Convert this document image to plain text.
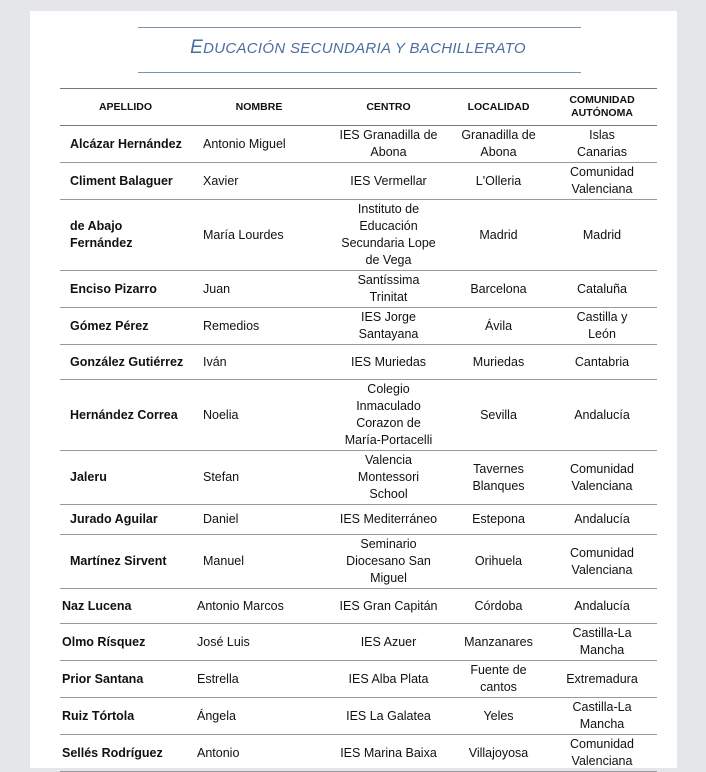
EDUCACIÓN SECUNDARIA Y BACHILLERATO
APELLIDO	NOMBRE	CENTRO	LOCALIDAD	COMUNIDAD AUTÓNOMA
Alcázar Hernández	Antonio Miguel	IES Granadilla de Abona	Granadilla de Abona	Islas Canarias
Climent Balaguer	Xavier	IES Vermellar	L'Olleria	Comunidad Valenciana
de Abajo Fernández	María Lourdes	Instituto de Educación Secundaria Lope de Vega	Madrid	Madrid
Enciso Pizarro	Juan	Santíssima Trinitat	Barcelona	Cataluña
Gómez Pérez	Remedios	IES Jorge Santayana	Ávila	Castilla y León
González Gutiérrez	Iván	IES Muriedas	Muriedas	Cantabria
Hernández Correa	Noelia	Colegio Inmaculado Corazon de María-Portacelli	Sevilla	Andalucía
Jaleru	Stefan	Valencia Montessori School	Tavernes Blanques	Comunidad Valenciana
Jurado Aguilar	Daniel	IES Mediterráneo	Estepona	Andalucía
Martínez Sirvent	Manuel	Seminario Diocesano San Miguel	Orihuela	Comunidad Valenciana
Naz Lucena	Antonio Marcos	IES Gran Capitán	Córdoba	Andalucía
Olmo Rísquez	José Luis	IES Azuer	Manzanares	Castilla-La Mancha
Prior Santana	Estrella	IES Alba Plata	Fuente de cantos	Extremadura
Ruiz Tórtola	Ángela	IES La Galatea	Yeles	Castilla-La Mancha
Sellés Rodríguez	Antonio	IES Marina Baixa	Villajoyosa	Comunidad Valenciana
